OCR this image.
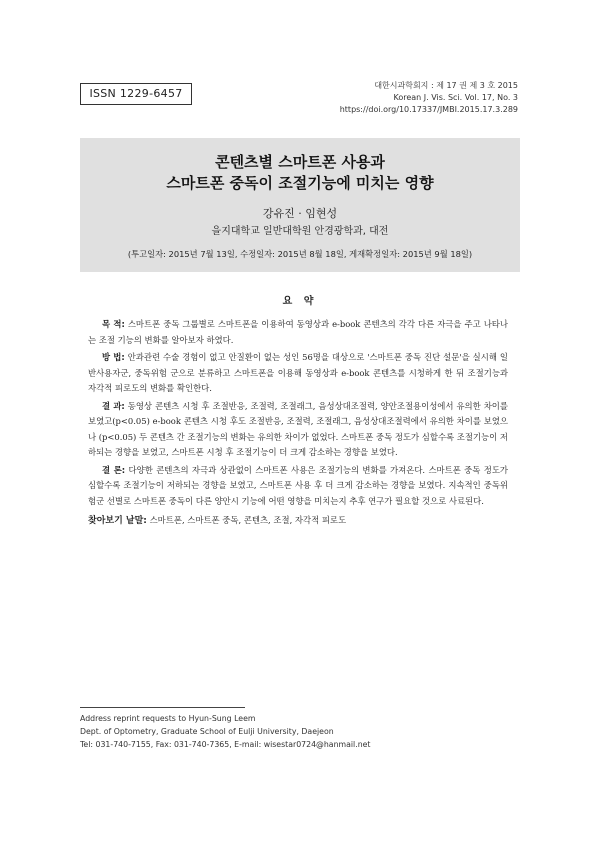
ISSN 1229-6457
대한시과학회지 : 제 17 권 제 3 호 2015
Korean J. Vis. Sci. Vol. 17, No. 3
https://doi.org/10.17337/JMBI.2015.17.3.289
콘텐츠별 스마트폰 사용과
스마트폰 중독이 조절기능에 미치는 영향
강유진 · 임현성
을지대학교 일반대학원 안경광학과, 대전
(투고일자: 2015년 7월 13일, 수정일자: 2015년 8월 18일, 게재확정일자: 2015년 9월 18일)
요 약

목 적: 스마트폰 중독 그룹별로 스마트폰을 이용하여 동영상과 e-book 콘텐츠의 각각 다른 자극을 주고 나타나는 조절 기능의 변화를 알아보자 하였다.

방 법: 안과관련 수술 경험이 없고 안질환이 없는 성인 56명을 대상으로 '스마트폰 중독 진단 설문'을 실시해 일반사용자군, 중독위험 군으로 분류하고 스마트폰을 이용해 동영상과 e-book 콘텐츠를 시청하게 한 뒤 조절기능과 자각적 피로도의 변화를 확인한다.

결 과: 동영상 콘텐츠 시청 후 조절반응, 조절력, 조절래그, 음성상대조절력, 양안조절용이성에서 유의한 차이를 보였고(p<0.05) e-book 콘텐츠 시청 후도 조절반응, 조절력, 조절래그, 음성상대조절력에서 유의한 차이를 보였으나 (p<0.05) 두 콘텐츠 간 조절기능의 변화는 유의한 차이가 없었다. 스마트폰 중독 정도가 심할수록 조절기능이 저하되는 경향을 보였고, 스마트폰 시청 후 조절기능이 더 크게 감소하는 경향을 보였다.

결 론: 다양한 콘텐츠의 자극과 상관없이 스마트폰 사용은 조절기능의 변화를 가져온다. 스마트폰 중독 정도가 심할수록 조절기능이 저하되는 경향을 보였고, 스마트폰 사용 후 더 크게 감소하는 경향을 보였다. 지속적인 중독위험군 선별로 스마트폰 중독이 다른 양안시 기능에 어떤 영향을 미치는지 추후 연구가 필요할 것으로 사료된다.

찾아보기 낱말: 스마트폰, 스마트폰 중독, 콘텐츠, 조절, 자각적 피로도
Address reprint requests to Hyun-Sung Leem
Dept. of Optometry, Graduate School of Eulji University, Daejeon
Tel: 031-740-7155, Fax: 031-740-7365, E-mail: wisestar0724@hanmail.net
